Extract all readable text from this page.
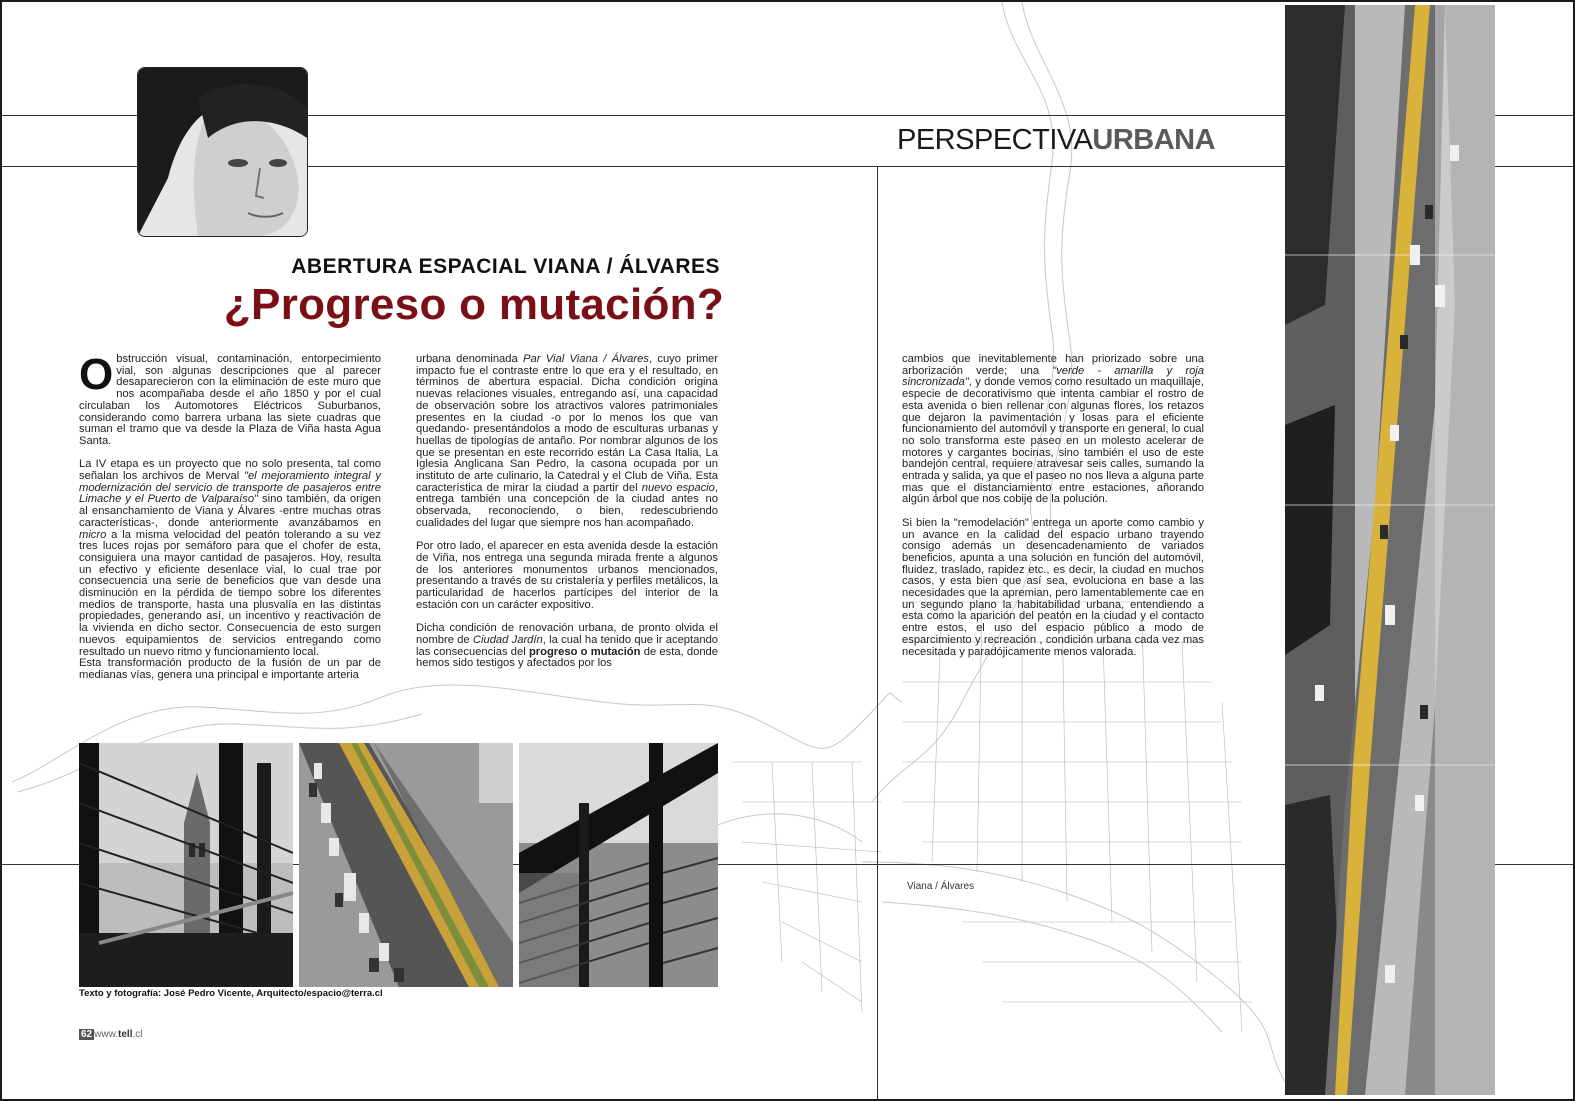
PERSPECTIVAURBANA
ABERTURA ESPACIAL VIANA / ÁLVARES
¿Progreso o mutación?

Obstrucción visual, contaminación, entorpecimiento vial, son algunas descripciones que al parecer desaparecieron con la eliminación de este muro que nos acompañaba desde el año 1850 y por el cual circulaban los Automotores Eléctricos Suburbanos, considerando como barrera urbana las siete cuadras que suman el tramo que va desde la Plaza de Viña hasta Agua Santa.

La IV etapa es un proyecto que no solo presenta, tal como señalan los archivos de Merval "el mejoramiento integral y modernización del servicio de transporte de pasajeros entre Limache y el Puerto de Valparaíso" sino también, da origen al ensanchamiento de Viana y Álvares -entre muchas otras características-, donde anteriormente avanzábamos en micro a la misma velocidad del peatón tolerando a su vez tres luces rojas por semáforo para que el chofer de esta, consiguiera una mayor cantidad de pasajeros. Hoy, resulta un efectivo y eficiente desenlace vial, lo cual trae por consecuencia una serie de beneficios que van desde una disminución en la pérdida de tiempo sobre los diferentes medios de transporte, hasta una plusvalía en las distintas propiedades, generando así, un incentivo y reactivación de la vivienda en dicho sector. Consecuencia de esto surgen nuevos equipamientos de servicios entregando como resultado un nuevo ritmo y funcionamiento local.
Esta transformación producto de la fusión de un par de medianas vías, genera una principal e importante arteria

urbana denominada Par Vial Viana / Álvares, cuyo primer impacto fue el contraste entre lo que era y el resultado, en términos de abertura espacial. Dicha condición origina nuevas relaciones visuales, entregando así, una capacidad de observación sobre los atractivos valores patrimoniales presentes en la ciudad -o por lo menos los que van quedando- presentándolos a modo de esculturas urbanas y huellas de tipologías de antaño. Por nombrar algunos de los que se presentan en este recorrido están La Casa Italia, La Iglesia Anglicana San Pedro, la casona ocupada por un instituto de arte culinario, la Catedral y el Club de Viña. Esta característica de mirar la ciudad a partir del nuevo espacio, entrega también una concepción de la ciudad antes no observada, reconociendo, o bien, redescubriendo cualidades del lugar que siempre nos han acompañado.

Por otro lado, el aparecer en esta avenida desde la estación de Viña, nos entrega una segunda mirada frente a algunos de los anteriores monumentos urbanos mencionados, presentando a través de su cristalería y perfiles metálicos, la particularidad de hacerlos partícipes del interior de la estación con un carácter expositivo.

Dicha condición de renovación urbana, de pronto olvida el nombre de Ciudad Jardín, la cual ha tenido que ir aceptando las consecuencias del progreso o mutación de esta, donde hemos sido testigos y afectados por los

cambios que inevitablemente han priorizado sobre una arborización verde; una "verde - amarilla y roja sincronizada", y donde vemos como resultado un maquillaje, especie de decorativismo que intenta cambiar el rostro de esta avenida o bien rellenar con algunas flores, los retazos que dejaron la pavimentación y losas para el eficiente funcionamiento del automóvil y transporte en general, lo cual no solo transforma este paseo en un molesto acelerar de motores y cargantes bocinas, sino también el uso de este bandejón central, requiere atravesar seis calles, sumando la entrada y salida, ya que el paseo no nos lleva a alguna parte mas que el distanciamiento entre estaciones, añorando algún árbol que nos cobije de la polución.

Si bien la "remodelación" entrega un aporte como cambio y un avance en la calidad del espacio urbano trayendo consigo además un desencadenamiento de variados beneficios, apunta a una solución en función del automóvil, fluidez, traslado, rapidez etc., es decir, la ciudad en muchos casos, y esta bien que así sea, evoluciona en base a las necesidades que la apremian, pero lamentablemente cae en un segundo plano la habitabilidad urbana, entendiendo a esta como la aparición del peatón en la ciudad y el contacto entre estos, el uso del espacio público a modo de esparcimiento y recreación , condición urbana cada vez mas necesitada y paradójicamente menos valorada.

Texto y fotografía: José Pedro Vicente, Arquitecto/espacio@terra.cl
62 www.tell.cl
Viana / Álvares
